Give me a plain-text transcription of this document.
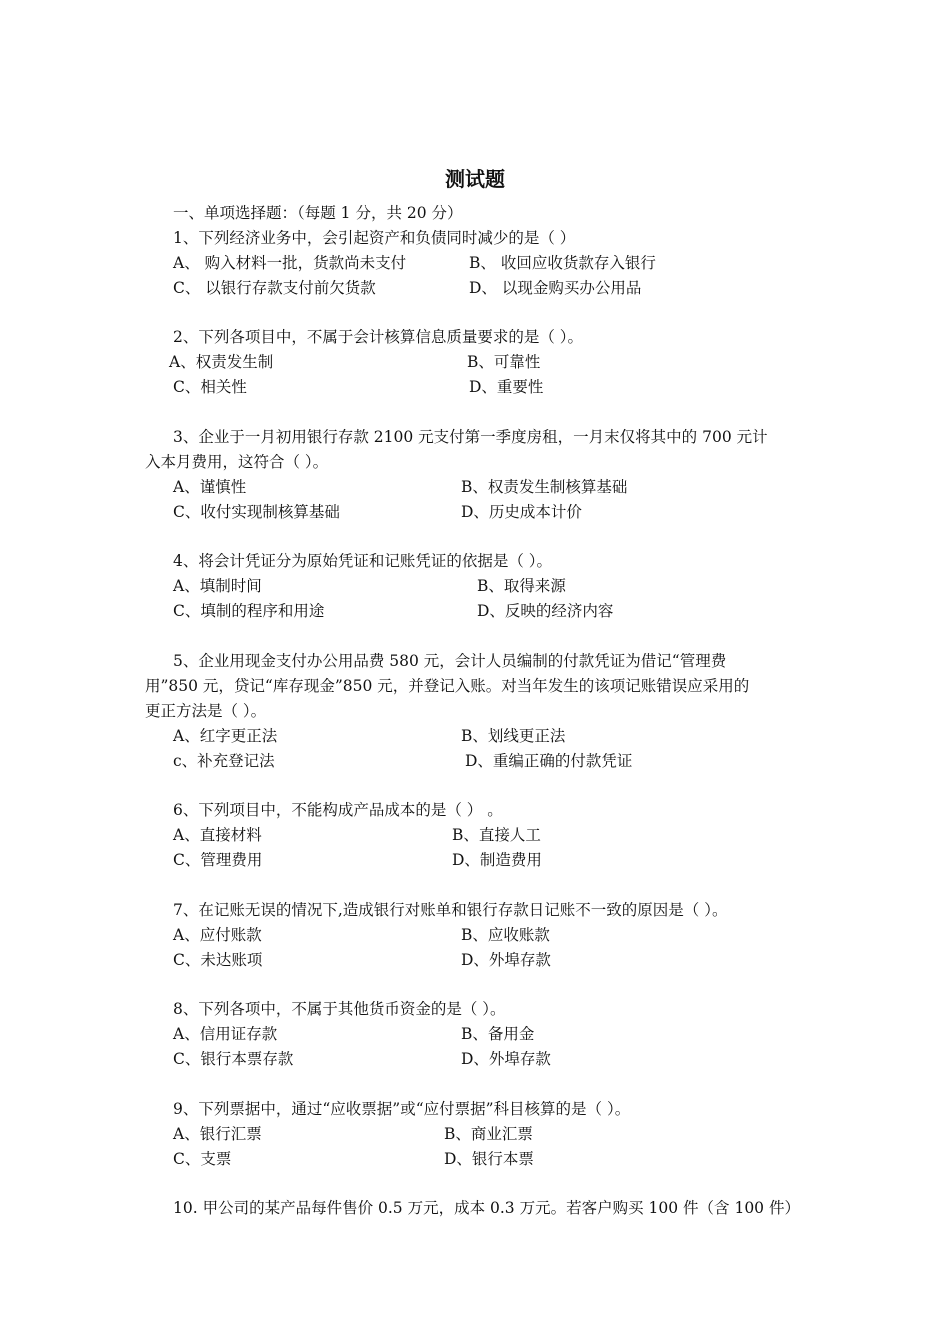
测试题
一、单项选择题：（每题 1 分，共 20 分）
1、下列经济业务中，会引起资产和负债同时减少的是（ ）
A、 购入材料一批，货款尚未支付	B、 收回应收货款存入银行
C、 以银行存款支付前欠货款	D、 以现金购买办公用品
2、下列各项目中，不属于会计核算信息质量要求的是（ ）。
A、权责发生制	B、可靠性
C、相关性	D、重要性
3、企业于一月初用银行存款 2100 元支付第一季度房租，一月末仅将其中的 700 元计
入本月费用，这符合（ ）。
A、谨慎性	B、权责发生制核算基础
C、收付实现制核算基础	D、历史成本计价
4、将会计凭证分为原始凭证和记账凭证的依据是（ ）。
A、填制时间	B、取得来源
C、填制的程序和用途	D、反映的经济内容
5、企业用现金支付办公用品费 580 元，会计人员编制的付款凭证为借记“管理费
用”850 元，贷记“库存现金”850 元，并登记入账。对当年发生的该项记账错误应采用的
更正方法是（ ）。
A、红字更正法	B、划线更正法
c、补充登记法	D、重编正确的付款凭证
6、下列项目中，不能构成产品成本的是（ ） 。
A、直接材料	B、直接人工
C、管理费用	D、制造费用
7、在记账无误的情况下,造成银行对账单和银行存款日记账不一致的原因是（ ）。
A、应付账款	B、应收账款
C、未达账项	D、外埠存款
8、下列各项中，不属于其他货币资金的是（ ）。
A、信用证存款	B、备用金
C、银行本票存款	D、外埠存款
9、下列票据中，通过“应收票据”或“应付票据”科目核算的是（ ）。
A、银行汇票	B、商业汇票
C、支票	D、银行本票
10. 甲公司的某产品每件售价 0.5 万元，成本 0.3 万元。若客户购买 100 件（含 100 件）
